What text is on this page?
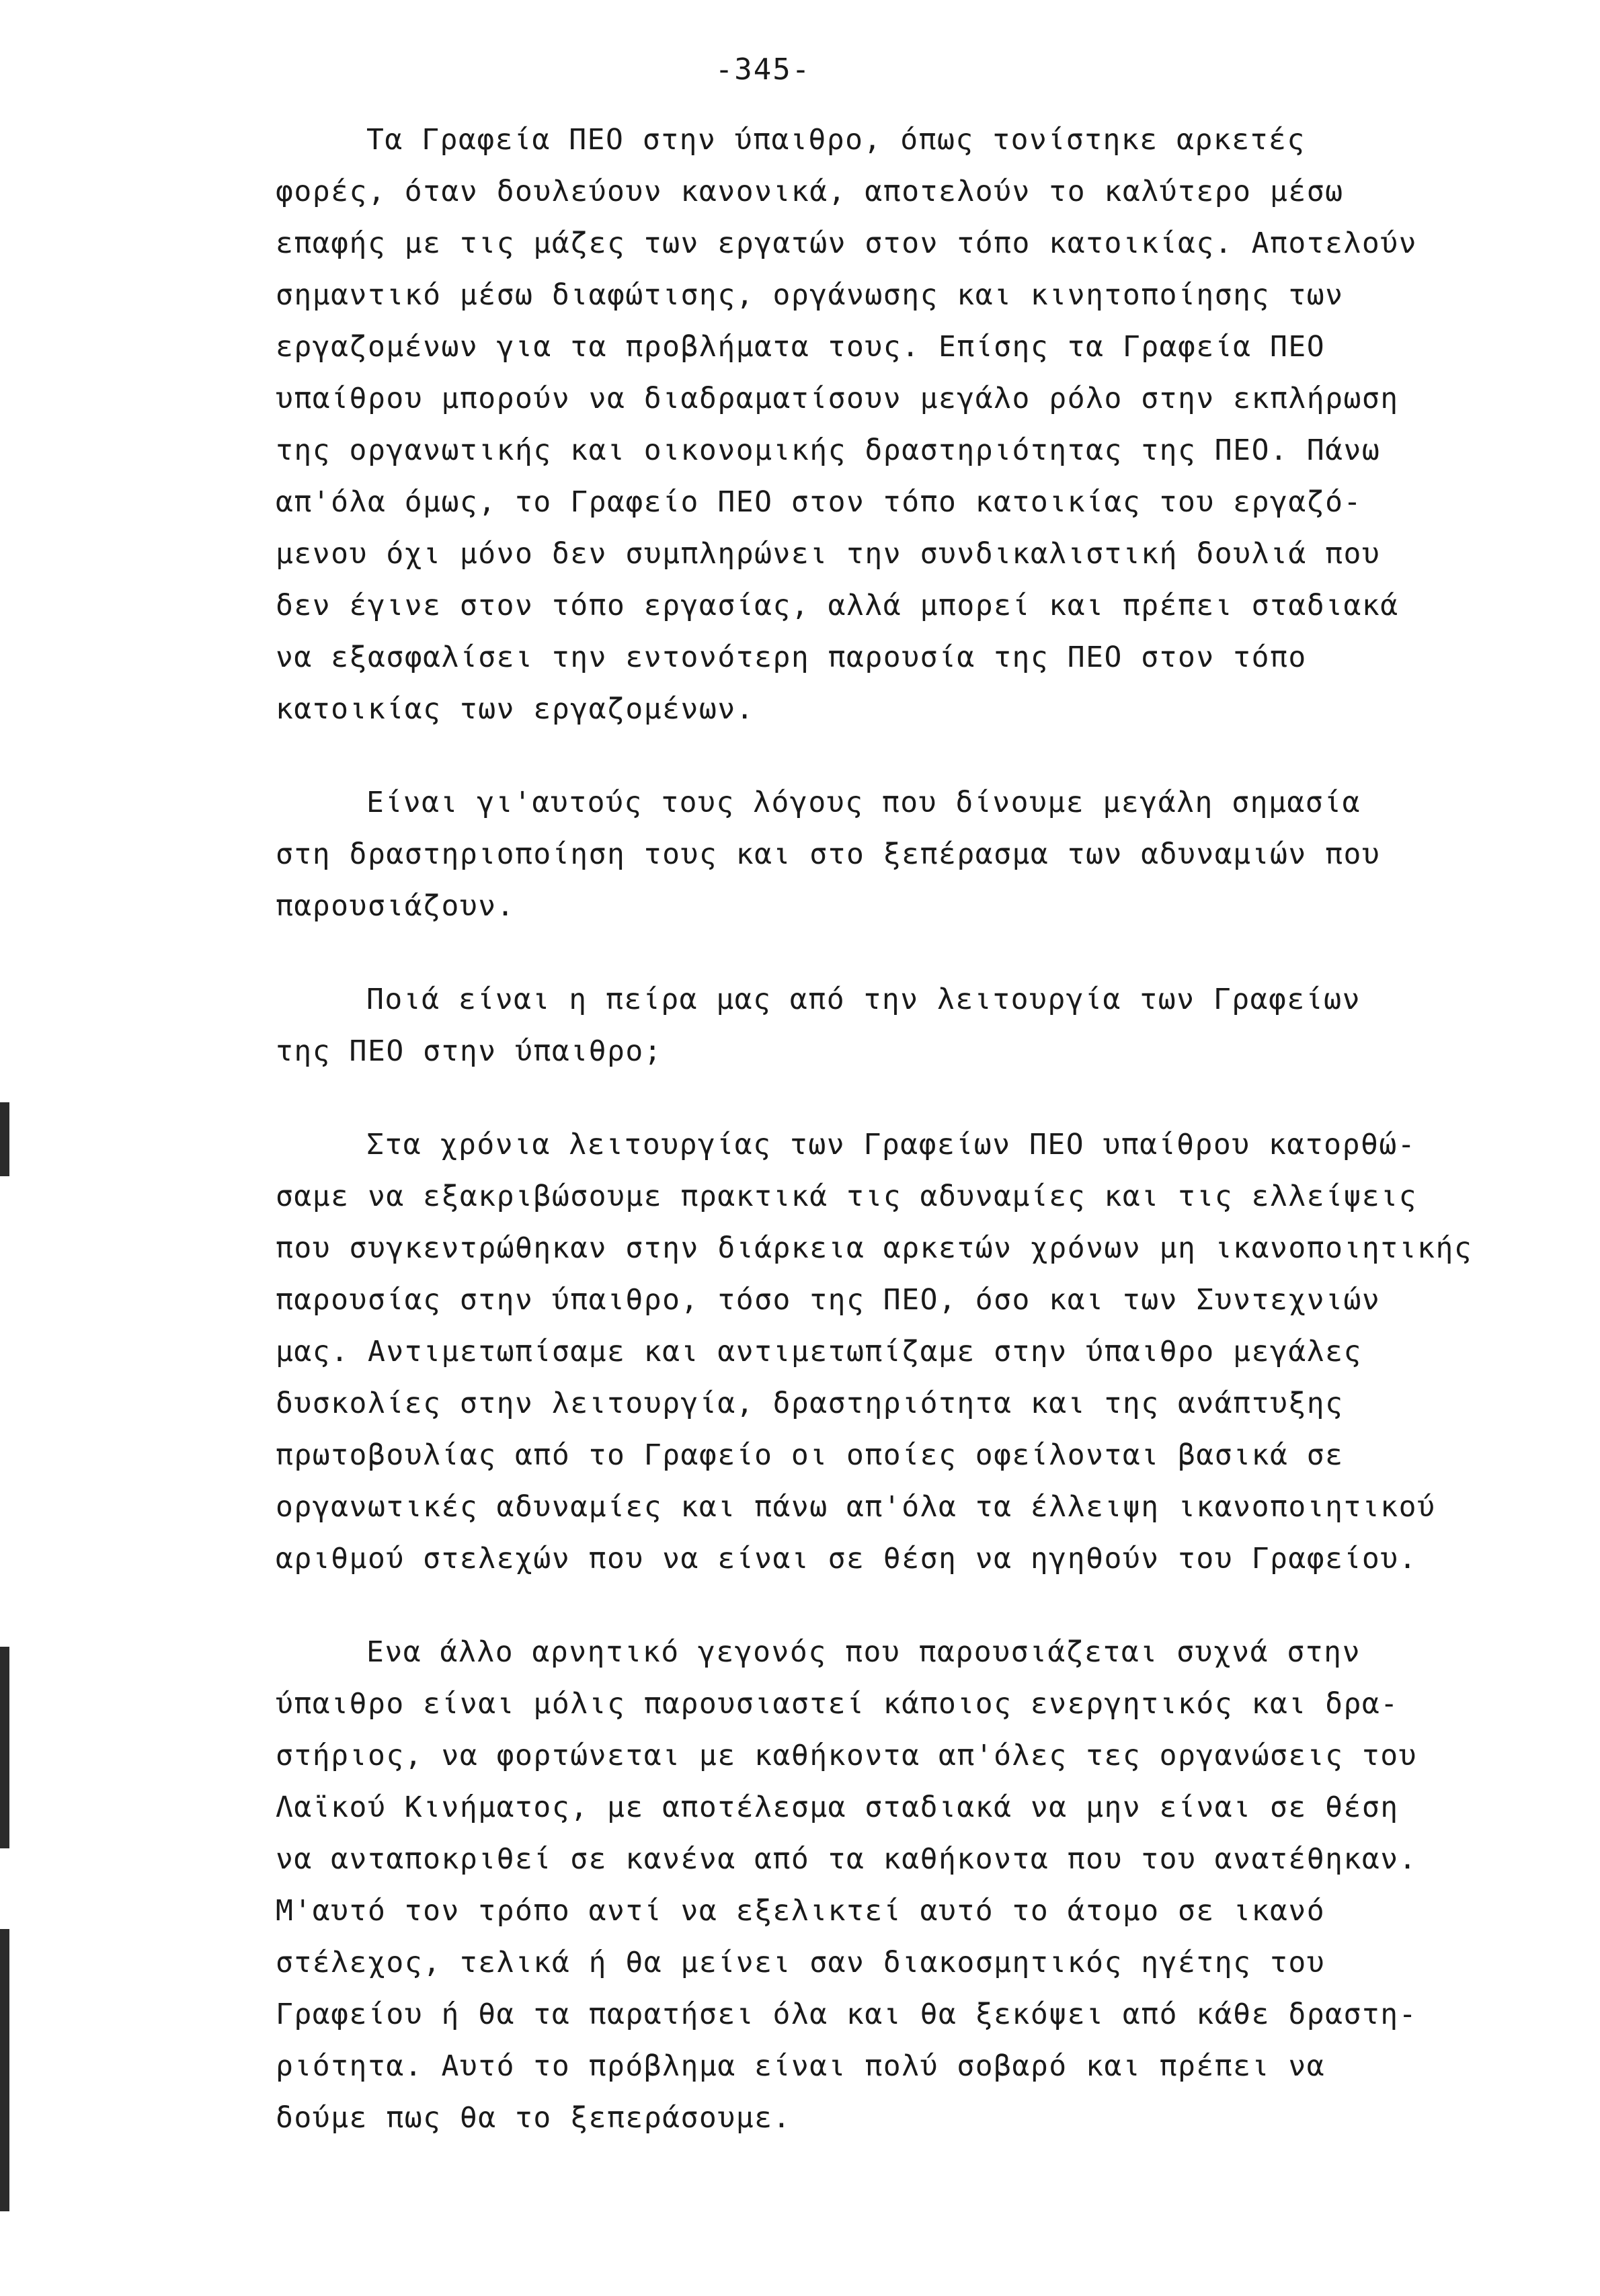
-345-
Τα Γραφεία ΠΕΟ στην ύπαιθρο, όπως τονίστηκε αρκετές
φορές, όταν δουλεύουν κανονικά, αποτελούν το καλύτερο μέσω
επαφής με τις μάζες των εργατών στον τόπο κατοικίας. Αποτελούν
σημαντικό μέσω διαφώτισης, οργάνωσης και κινητοποίησης των
εργαζομένων για τα προβλήματα τους. Επίσης τα Γραφεία ΠΕΟ
υπαίθρου μπορούν να διαδραματίσουν μεγάλο ρόλο στην εκπλήρωση
της οργανωτικής και οικονομικής δραστηριότητας της ΠΕΟ. Πάνω
απ'όλα όμως, το Γραφείο ΠΕΟ στον τόπο κατοικίας του εργαζό-
μενου όχι μόνο δεν συμπληρώνει την συνδικαλιστική δουλιά που
δεν έγινε στον τόπο εργασίας, αλλά μπορεί και πρέπει σταδιακά
να εξασφαλίσει την εντονότερη παρουσία της ΠΕΟ στον τόπο
κατοικίας των εργαζομένων.
Είναι γι'αυτούς τους λόγους που δίνουμε μεγάλη σημασία
στη δραστηριοποίηση τους και στο ξεπέρασμα των αδυναμιών που
παρουσιάζουν.
Ποιά είναι η πείρα μας από την λειτουργία των Γραφείων
της ΠΕΟ στην ύπαιθρο;
Στα χρόνια λειτουργίας των Γραφείων ΠΕΟ υπαίθρου κατορθώ-
σαμε να εξακριβώσουμε πρακτικά τις αδυναμίες και τις ελλείψεις
που συγκεντρώθηκαν στην διάρκεια αρκετών χρόνων μη ικανοποιητικής
παρουσίας στην ύπαιθρο, τόσο της ΠΕΟ, όσο και των Συντεχνιών
μας. Αντιμετωπίσαμε και αντιμετωπίζαμε στην ύπαιθρο μεγάλες
δυσκολίες στην λειτουργία, δραστηριότητα και της ανάπτυξης
πρωτοβουλίας από το Γραφείο οι οποίες οφείλονται βασικά σε
οργανωτικές αδυναμίες και πάνω απ'όλα τα έλλειψη ικανοποιητικού
αριθμού στελεχών που να είναι σε θέση να ηγηθούν του Γραφείου.
Ενα άλλο αρνητικό γεγονός που παρουσιάζεται συχνά στην
ύπαιθρο είναι μόλις παρουσιαστεί κάποιος ενεργητικός και δρα-
στήριος, να φορτώνεται με καθήκοντα απ'όλες τες οργανώσεις του
Λαϊκού Κινήματος, με αποτέλεσμα σταδιακά να μην είναι σε θέση
να ανταποκριθεί σε κανένα από τα καθήκοντα που του ανατέθηκαν.
Μ'αυτό τον τρόπο αντί να εξελικτεί αυτό το άτομο σε ικανό
στέλεχος, τελικά ή θα μείνει σαν διακοσμητικός ηγέτης του
Γραφείου ή θα τα παρατήσει όλα και θα ξεκόψει από κάθε δραστη-
ριότητα. Αυτό το πρόβλημα είναι πολύ σοβαρό και πρέπει να
δούμε πως θα το ξεπεράσουμε.
